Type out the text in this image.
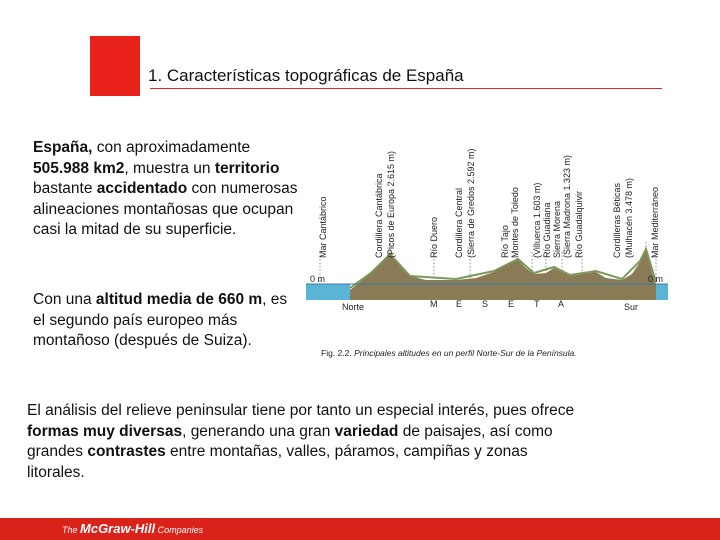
1. Características topográficas de España
España, con aproximadamente 505.988 km2, muestra un territorio bastante accidentado con numerosas alineaciones montañosas que ocupan casi la mitad de su superficie.
Con una altitud media de 660 m, es el segundo país europeo más montañoso (después de Suiza).
El análisis del relieve peninsular tiene por tanto un especial interés, pues ofrece formas muy diversas, generando una gran variedad de paisajes, así como grandes contrastes entre montañas, valles, páramos, campiñas y zonas litorales.
Mar Cantábrico	Cordillera Cantábrica (Picos de Europa 2.615 m)	Río Duero Cordillera Central (Sierra de Gredos 2.592 m)	Río Tajo Montes de Toledo (Villuerca 1.603 m) Río Guadiana Sierra Morena (Sierra Madrona 1.323 m) Río Guadalquivir	Cordilleras Béticas (Mulhacén 3.478 m) Mar Mediterráneo
0 m	0 m
Norte	Sur
M E S E T A
Fig. 2.2. Principales altitudes en un perfil Norte-Sur de la Península.
The McGraw-Hill Companies
